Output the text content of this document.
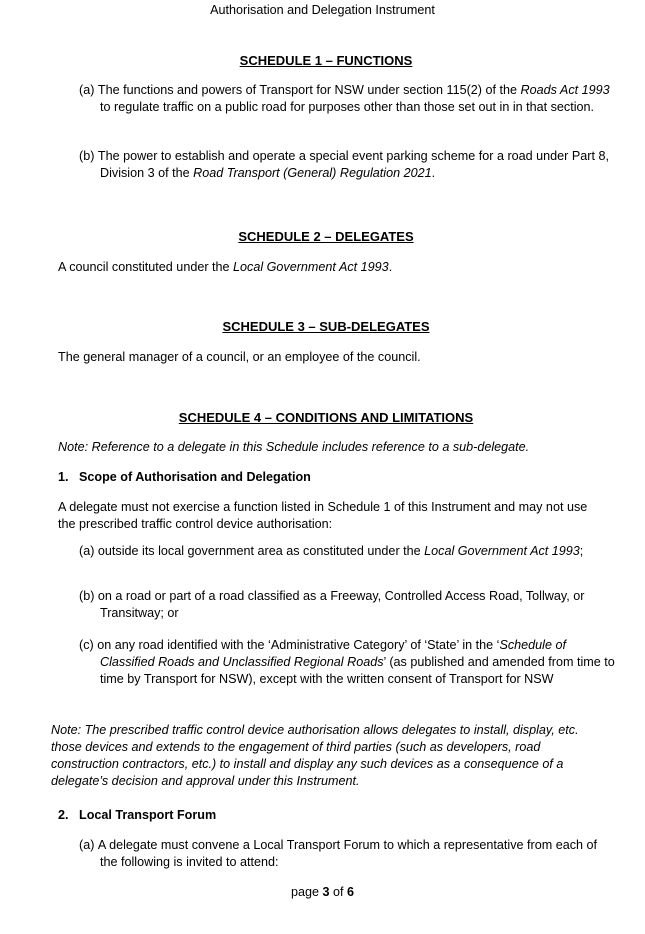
Authorisation and Delegation Instrument
SCHEDULE 1 – FUNCTIONS
(a) The functions and powers of Transport for NSW under section 115(2) of the Roads Act 1993 to regulate traffic on a public road for purposes other than those set out in in that section.
(b) The power to establish and operate a special event parking scheme for a road under Part 8, Division 3 of the Road Transport (General) Regulation 2021.
SCHEDULE 2 – DELEGATES
A council constituted under the Local Government Act 1993.
SCHEDULE 3 – SUB-DELEGATES
The general manager of a council, or an employee of the council.
SCHEDULE 4 – CONDITIONS AND LIMITATIONS
Note: Reference to a delegate in this Schedule includes reference to a sub-delegate.
1. Scope of Authorisation and Delegation
A delegate must not exercise a function listed in Schedule 1 of this Instrument and may not use the prescribed traffic control device authorisation:
(a) outside its local government area as constituted under the Local Government Act 1993;
(b) on a road or part of a road classified as a Freeway, Controlled Access Road, Tollway, or Transitway; or
(c) on any road identified with the ‘Administrative Category’ of ‘State’ in the ‘Schedule of Classified Roads and Unclassified Regional Roads’ (as published and amended from time to time by Transport for NSW), except with the written consent of Transport for NSW
Note: The prescribed traffic control device authorisation allows delegates to install, display, etc. those devices and extends to the engagement of third parties (such as developers, road construction contractors, etc.) to install and display any such devices as a consequence of a delegate’s decision and approval under this Instrument.
2. Local Transport Forum
(a) A delegate must convene a Local Transport Forum to which a representative from each of the following is invited to attend:
page 3 of 6
